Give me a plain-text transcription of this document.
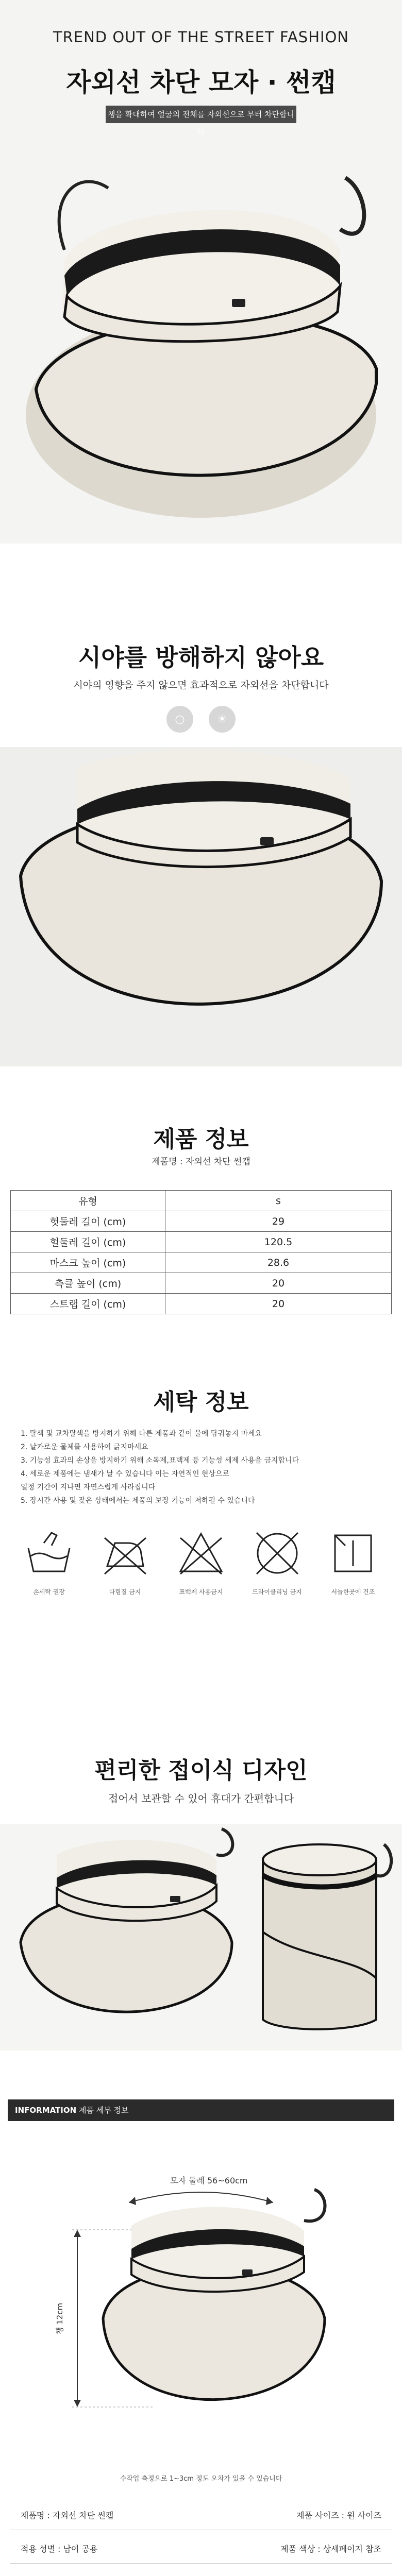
TREND OUT OF THE STREET FASHION
자외선 차단 모자 · 썬캡
챙을 확대하여 얼굴의 전체를 자외선으로 부터 차단합니다
시야를 방해하지 않아요
시야의 영향을 주지 않으면 효과적으로 자외선을 차단합니다
○	☀
제품 정보
제품명 : 자외선 차단 썬캡
유형	s
헛둘레 길이 (cm)	29
헐둘레 길이 (cm)	120.5
마스크 높이 (cm)	28.6
측클 높이 (cm)	20
스트랩 길이 (cm)	20
세탁 정보
1. 탈색 및 교차탈색을 방지하기 위해 다른 제품과 같이 물에 담궈놓지 마세요
2. 날카로운 물체를 사용하여 긁지마세요
3. 기능성 효과의 손상을 방지하기 위해 소독제,표백제 등 기능성 세제 사용을 금지합니다
4. 세로운 제품에는 냄새가 날 수 있습니다 이는 자연적인 현상으로
일정 기간이 지나면 자연스럽게 사라집니다
5. 장시간 사용 및 잦은 상태에서는 제품의 보장 기능이 저하될 수 있습니다
손세탁 권장	다림질 금지	표백제 사용금지	드라이클리닝 금지	서늘한곳에 건조
편리한 접이식 디자인
접어서 보관할 수 있어 휴대가 간편합니다
INFORMATION 제품 세부 정보
모자 둘레 56~60cm
챙 12cm
수작업 측정으로 1~3cm 정도 오차가 있을 수 있습니다
제품명 : 자외선 차단 썬캡	제품 사이즈 : 원 사이즈
적용 성별 : 남여 공용	제품 색상 : 상세페이지 참조
